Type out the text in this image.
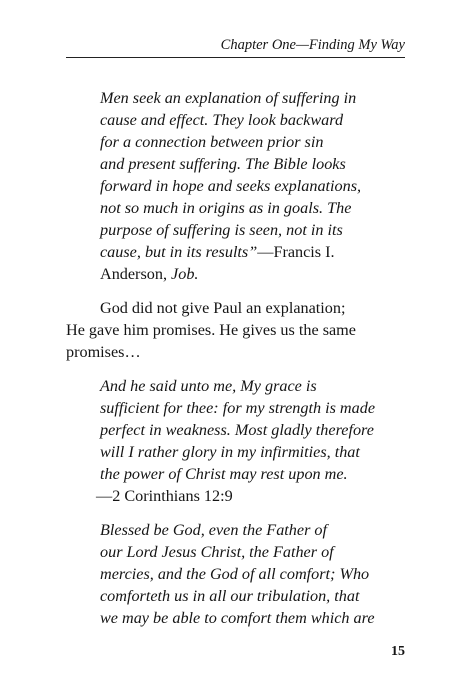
Chapter One—Finding My Way
Men seek an explanation of suffering in
cause and effect. They look backward
for a connection between prior sin
and present suffering. The Bible looks
forward in hope and seeks explanations,
not so much in origins as in goals. The
purpose of suffering is seen, not in its
cause, but in its results”—Francis I.
Anderson, Job.
God did not give Paul an explanation;
He gave him promises. He gives us the same
promises…
And he said unto me, My grace is
sufficient for thee: for my strength is made
perfect in weakness. Most gladly therefore
will I rather glory in my infirmities, that
the power of Christ may rest upon me.
—2 Corinthians 12:9
Blessed be God, even the Father of
our Lord Jesus Christ, the Father of
mercies, and the God of all comfort; Who
comforteth us in all our tribulation, that
we may be able to comfort them which are
15
